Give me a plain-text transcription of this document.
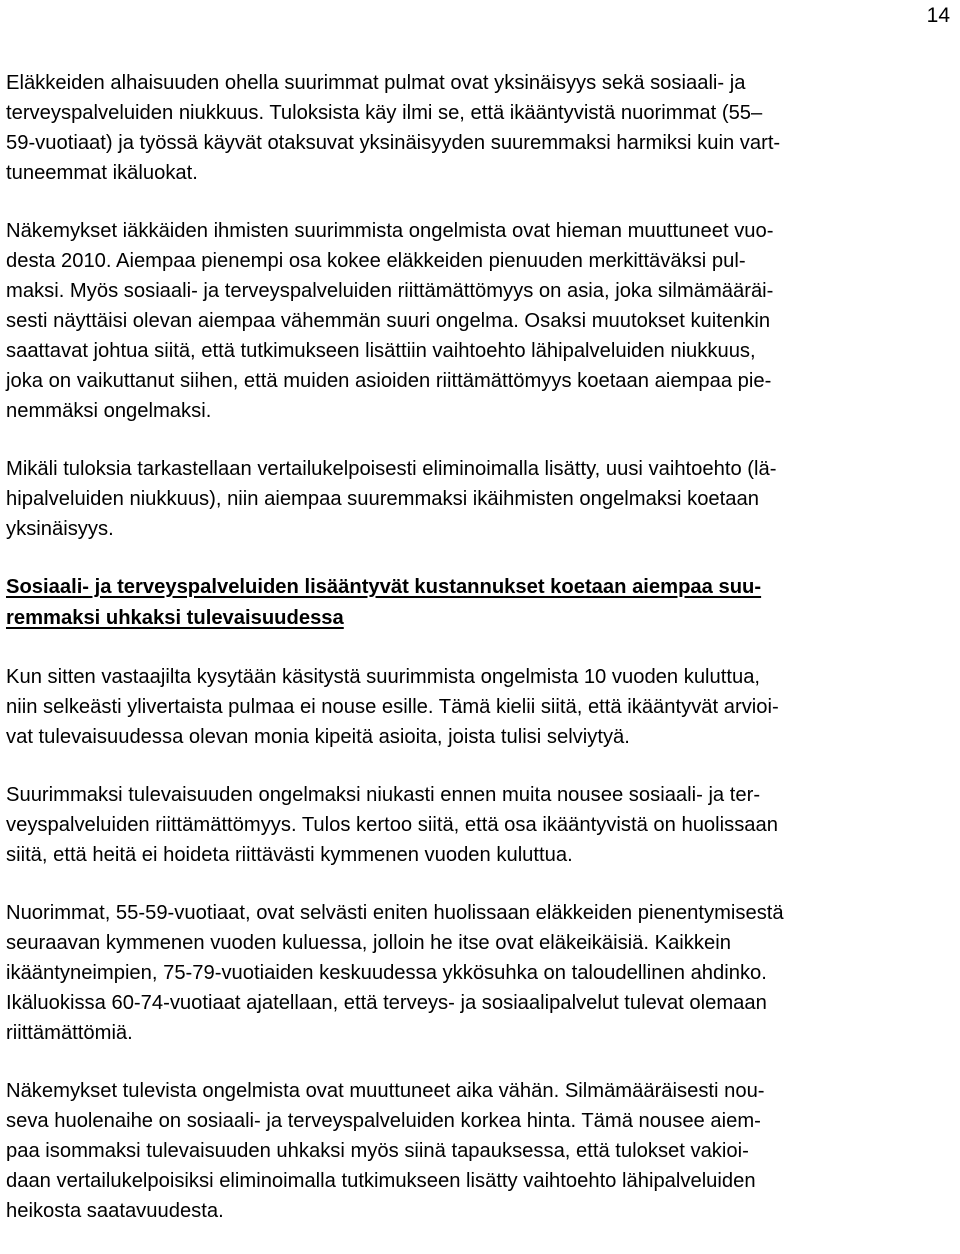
14
Eläkkeiden alhaisuuden ohella suurimmat pulmat ovat yksinäisyys sekä sosiaali- ja
terveyspalveluiden niukkuus. Tuloksista käy ilmi se, että ikääntyvistä nuorimmat (55–
59-vuotiaat) ja työssä käyvät otaksuvat yksinäisyyden suuremmaksi harmiksi kuin vart-
tuneemmat ikäluokat.
Näkemykset iäkkäiden ihmisten suurimmista ongelmista ovat hieman muuttuneet vuo-
desta 2010. Aiempaa pienempi osa kokee eläkkeiden pienuuden merkittäväksi pul-
maksi. Myös sosiaali- ja terveyspalveluiden riittämättömyys on asia, joka silmämääräi-
sesti näyttäisi olevan aiempaa vähemmän suuri ongelma. Osaksi muutokset kuitenkin
saattavat johtua siitä, että tutkimukseen lisättiin vaihtoehto lähipalveluiden niukkuus,
joka on vaikuttanut siihen, että muiden asioiden riittämättömyys koetaan aiempaa pie-
nemmäksi ongelmaksi.
Mikäli tuloksia tarkastellaan vertailukelpoisesti eliminoimalla lisätty, uusi vaihtoehto (lä-
hipalveluiden niukkuus), niin aiempaa suuremmaksi ikäihmisten ongelmaksi koetaan
yksinäisyys.
Sosiaali- ja terveyspalveluiden lisääntyvät kustannukset koetaan aiempaa suu-
remmaksi uhkaksi tulevaisuudessa
Kun sitten vastaajilta kysytään käsitystä suurimmista ongelmista 10 vuoden kuluttua,
niin selkeästi ylivertaista pulmaa ei nouse esille. Tämä kielii siitä, että ikääntyvät arvioi-
vat tulevaisuudessa olevan monia kipeitä asioita, joista tulisi selviytyä.
Suurimmaksi tulevaisuuden ongelmaksi niukasti ennen muita nousee sosiaali- ja ter-
veyspalveluiden riittämättömyys. Tulos kertoo siitä, että osa ikääntyvistä on huolissaan
siitä, että heitä ei hoideta riittävästi kymmenen vuoden kuluttua.
Nuorimmat, 55-59-vuotiaat, ovat selvästi eniten huolissaan eläkkeiden pienentymisestä
seuraavan kymmenen vuoden kuluessa, jolloin he itse ovat eläkeikäisiä. Kaikkein
ikääntyneimpien, 75-79-vuotiaiden keskuudessa ykkösuhka on taloudellinen ahdinko.
Ikäluokissa 60-74-vuotiaat ajatellaan, että terveys- ja sosiaalipalvelut tulevat olemaan
riittämättömiä.
Näkemykset tulevista ongelmista ovat muuttuneet aika vähän. Silmämääräisesti nou-
seva huolenaihe on sosiaali- ja terveyspalveluiden korkea hinta. Tämä nousee aiem-
paa isommaksi tulevaisuuden uhkaksi myös siinä tapauksessa, että tulokset vakioi-
daan vertailukelpoisiksi eliminoimalla tutkimukseen lisätty vaihtoehto lähipalveluiden
heikosta saatavuudesta.
